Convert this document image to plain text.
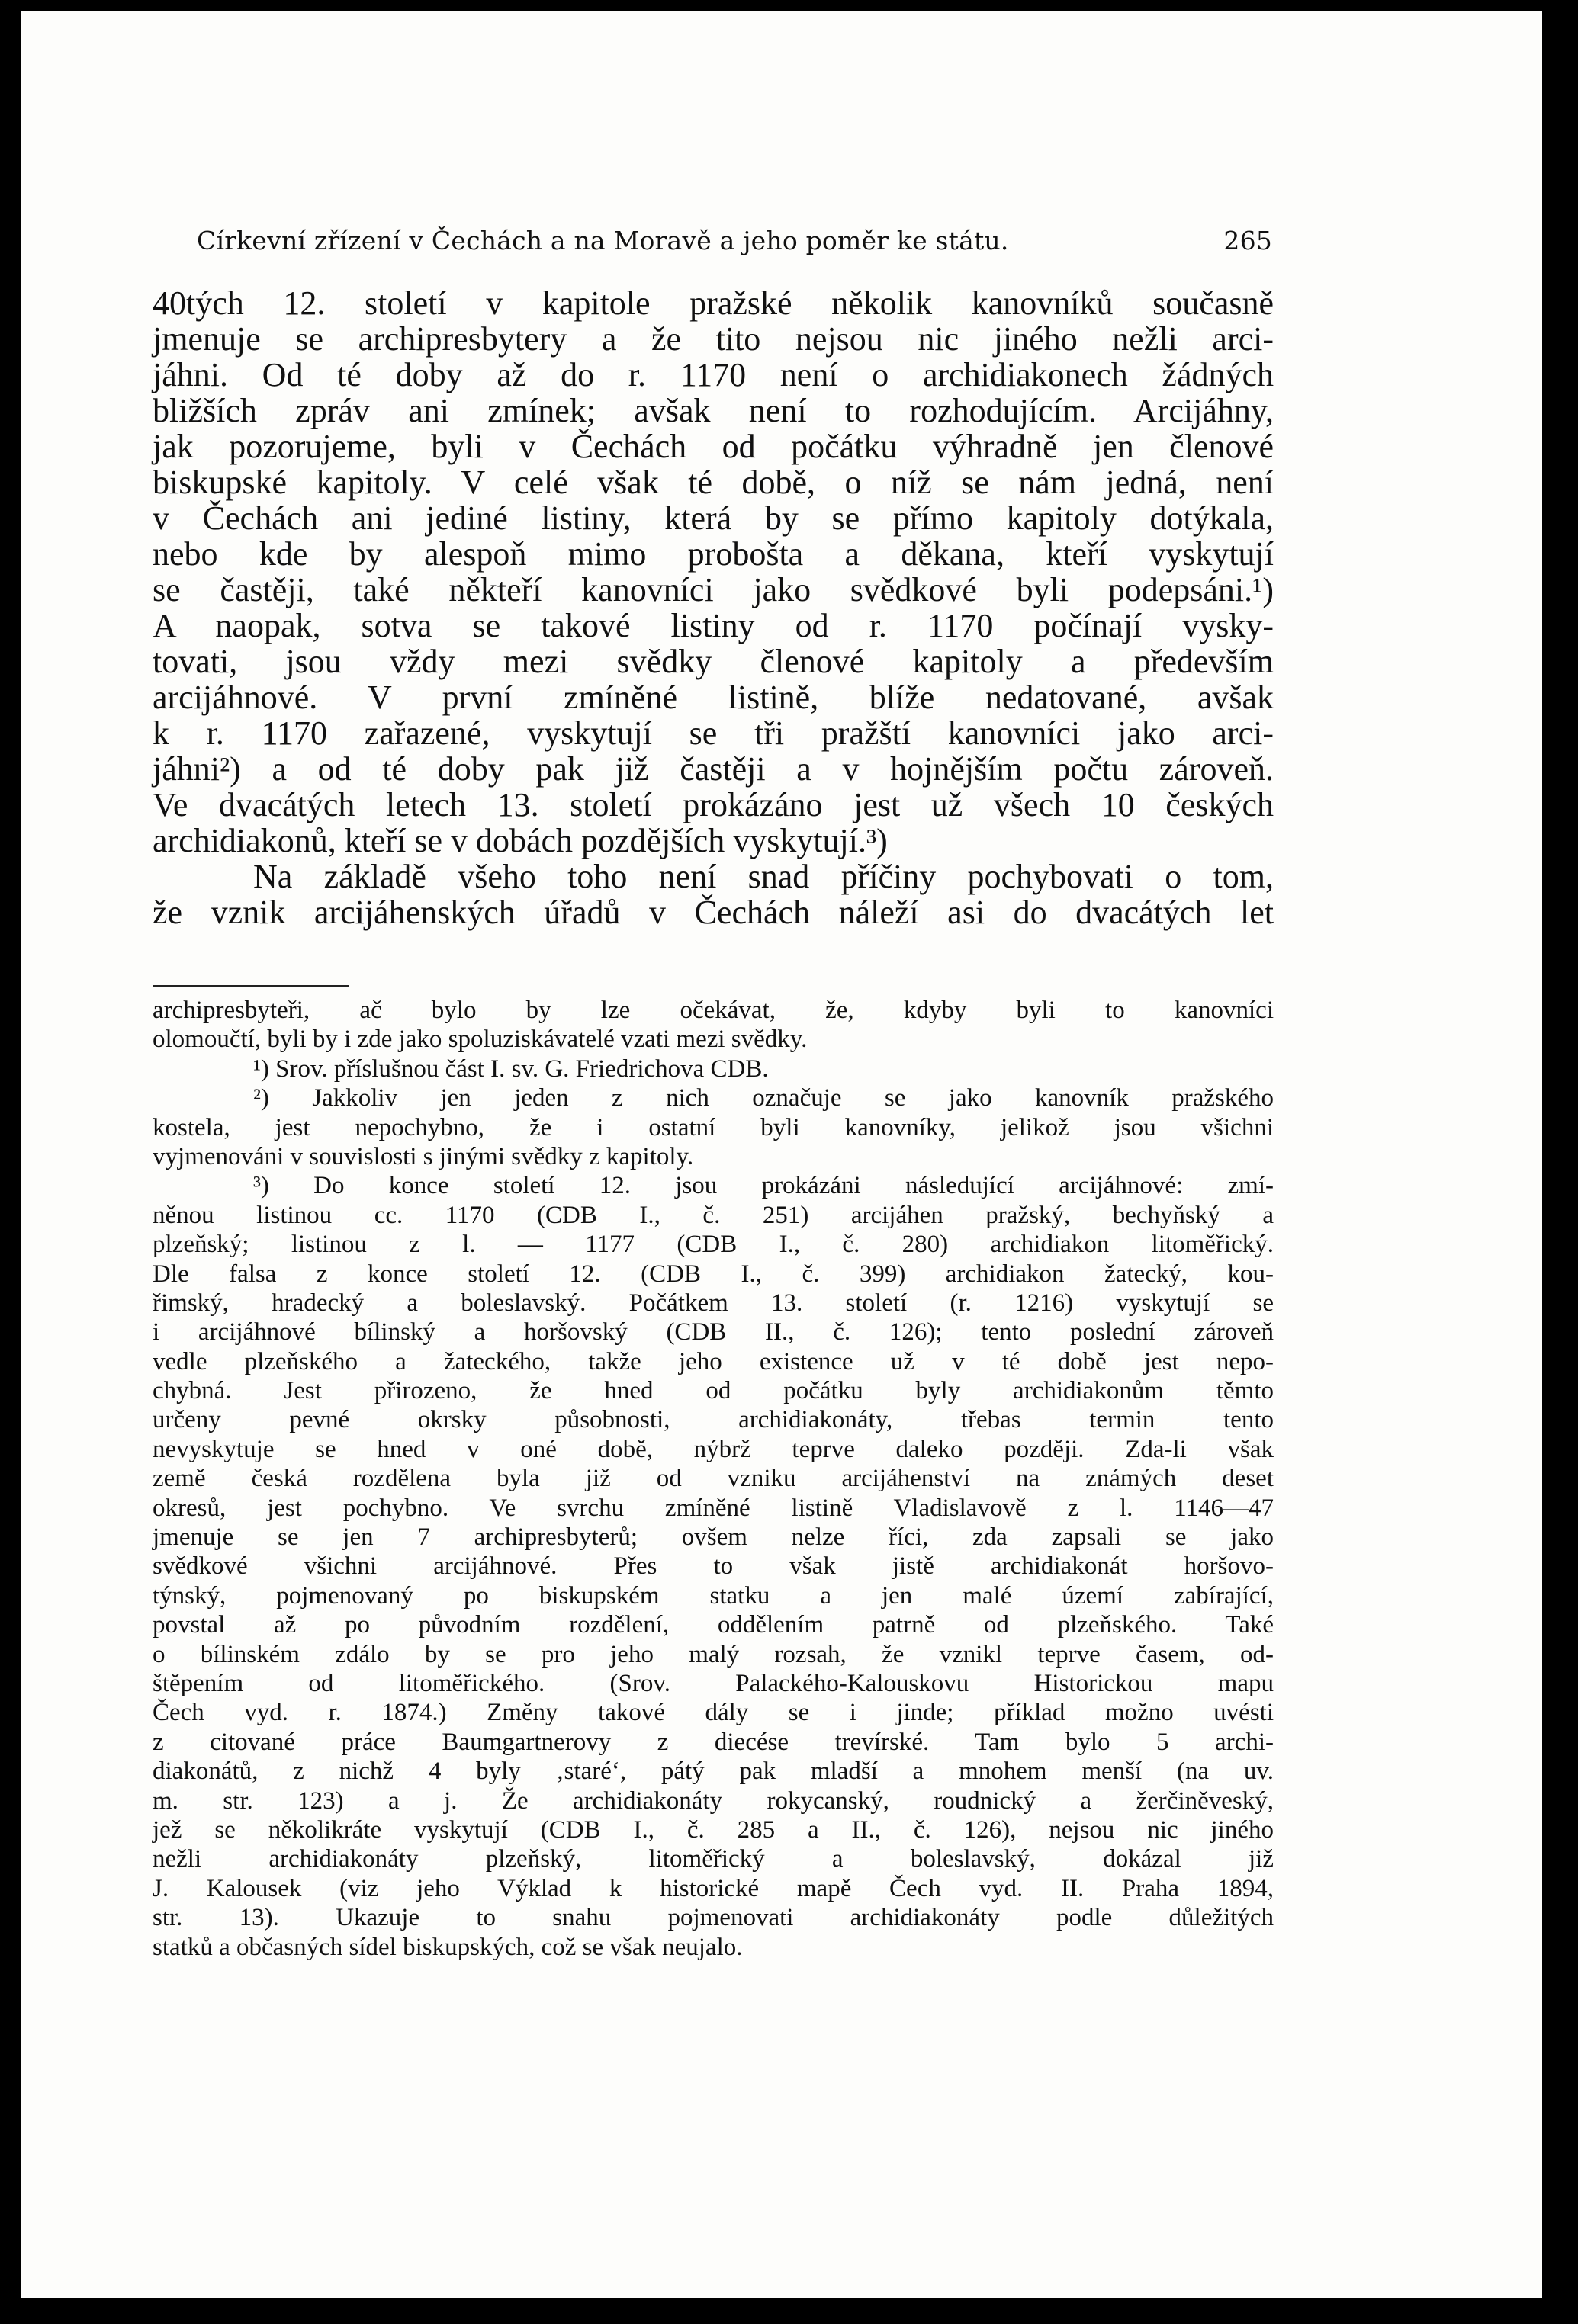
Církevní zřízení v Čechách a na Moravě a jeho poměr ke státu.	265
40tých 12. století v kapitole pražské několik kanovníků současně
jmenuje se archipresbytery a že tito nejsou nic jiného nežli arci-
jáhni. Od té doby až do r. 1170 není o archidiakonech žádných
bližších zpráv ani zmínek; avšak není to rozhodujícím. Arcijáhny,
jak pozorujeme, byli v Čechách od počátku výhradně jen členové
biskupské kapitoly. V celé však té době, o níž se nám jedná, není
v Čechách ani jediné listiny, která by se přímo kapitoly dotýkala,
nebo kde by alespoň mimo probošta a děkana, kteří vyskytují
se častěji, také někteří kanovníci jako svědkové byli podepsáni.¹)
A naopak, sotva se takové listiny od r. 1170 počínají vysky-
tovati, jsou vždy mezi svědky členové kapitoly a především
arcijáhnové. V první zmíněné listině, blíže nedatované, avšak
k r. 1170 zařazené, vyskytují se tři pražští kanovníci jako arci-
jáhni²) a od té doby pak již častěji a v hojnějším počtu zároveň.
Ve dvacátých letech 13. století prokázáno jest už všech 10 českých
archidiakonů, kteří se v dobách pozdějších vyskytují.³)
Na základě všeho toho není snad příčiny pochybovati o tom,
že vznik arcijáhenských úřadů v Čechách náleží asi do dvacátých let
archipresbyteři, ač bylo by lze očekávat, že, kdyby byli to kanovníci
olomoučtí, byli by i zde jako spoluziskávatelé vzati mezi svědky.
¹) Srov. příslušnou část I. sv. G. Friedrichova CDB.
²) Jakkoliv jen jeden z nich označuje se jako kanovník pražského
kostela, jest nepochybno, že i ostatní byli kanovníky, jelikož jsou všichni
vyjmenováni v souvislosti s jinými svědky z kapitoly.
³) Do konce století 12. jsou prokázáni následující arcijáhnové: zmí-
něnou listinou cc. 1170 (CDB I., č. 251) arcijáhen pražský, bechyňský a
plzeňský; listinou z l. — 1177 (CDB I., č. 280) archidiakon litoměřický.
Dle falsa z konce století 12. (CDB I., č. 399) archidiakon žatecký, kou-
řimský, hradecký a boleslavský. Počátkem 13. století (r. 1216) vyskytují se
i arcijáhnové bílinský a horšovský (CDB II., č. 126); tento poslední zároveň
vedle plzeňského a žateckého, takže jeho existence už v té době jest nepo-
chybná. Jest přirozeno, že hned od počátku byly archidiakonům těmto
určeny pevné okrsky působnosti, archidiakonáty, třebas termin tento
nevyskytuje se hned v oné době, nýbrž teprve daleko později. Zda-li však
země česká rozdělena byla již od vzniku arcijáhenství na známých deset
okresů, jest pochybno. Ve svrchu zmíněné listině Vladislavově z l. 1146—47
jmenuje se jen 7 archipresbyterů; ovšem nelze říci, zda zapsali se jako
svědkové všichni arcijáhnové. Přes to však jistě archidiakonát horšovo-
týnský, pojmenovaný po biskupském statku a jen malé území zabírající,
povstal až po původním rozdělení, oddělením patrně od plzeňského. Také
o bílinském zdálo by se pro jeho malý rozsah, že vznikl teprve časem, od-
štěpením od litoměřického. (Srov. Palackého-Kalouskovu Historickou mapu
Čech vyd. r. 1874.) Změny takové dály se i jinde; příklad možno uvésti
z citované práce Baumgartnerovy z diecése trevírské. Tam bylo 5 archi-
diakonátů, z nichž 4 byly ‚staré‘, pátý pak mladší a mnohem menší (na uv.
m. str. 123) a j. Že archidiakonáty rokycanský, roudnický a žerčiněveský,
jež se několikráte vyskytují (CDB I., č. 285 a II., č. 126), nejsou nic jiného
nežli archidiakonáty plzeňský, litoměřický a boleslavský, dokázal již
J. Kalousek (viz jeho Výklad k historické mapě Čech vyd. II. Praha 1894,
str. 13). Ukazuje to snahu pojmenovati archidiakonáty podle důležitých
statků a občasných sídel biskupských, což se však neujalo.
